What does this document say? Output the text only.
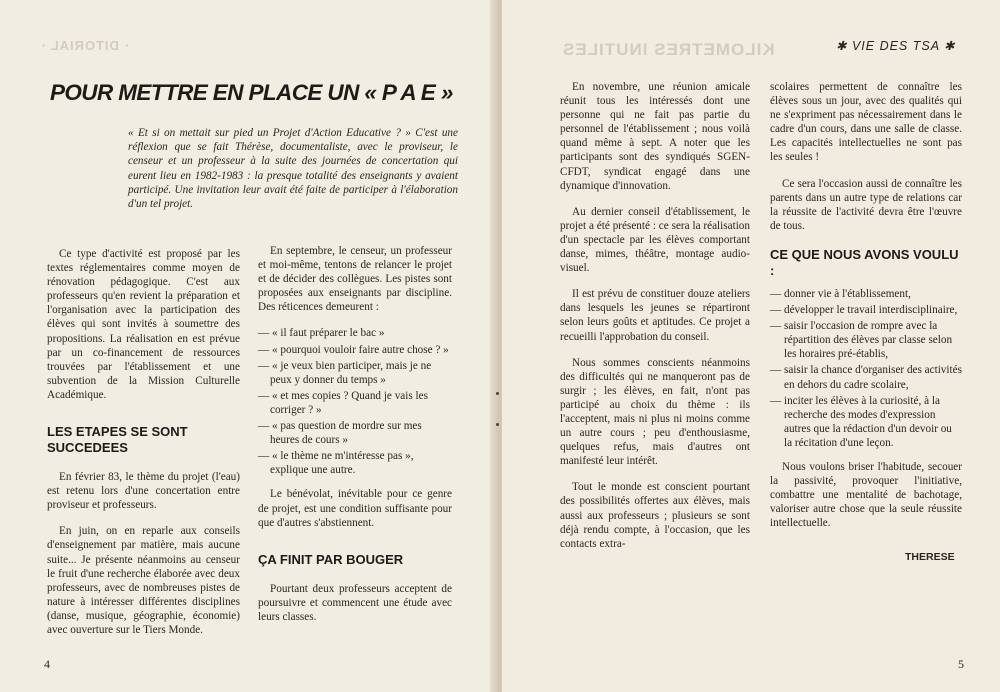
· DITORIAL ·
POUR METTRE EN PLACE UN « P A E »
« Et si on mettait sur pied un Projet d'Action Educative ? » C'est une réflexion que se fait Thérèse, documentaliste, avec le proviseur, le censeur et un professeur à la suite des journées de concertation qui eurent lieu en 1982-1983 : la presque totalité des enseignants y avaient participé. Une invitation leur avait été faite de participer à l'élaboration d'un tel projet.

Ce type d'activité est proposé par les textes réglementaires comme moyen de rénovation pédagogique. C'est aux professeurs qu'en revient la préparation et l'organisation avec la participation des élèves qui sont invités à soumettre des propositions. La réalisation en est prévue par un co-financement de ressources trouvées par l'établissement et une subvention de la Mission Culturelle Académique.

LES ETAPES SE SONT SUCCEDEES

En février 83, le thème du projet (l'eau) est retenu lors d'une concertation entre proviseur et professeurs.

En juin, on en reparle aux conseils d'enseignement par matière, mais aucune suite... Je présente néanmoins au censeur le fruit d'une recherche élaborée avec deux professeurs, avec de nombreuses pistes de nature à intéresser différentes disciplines (danse, musique, géographie, économie) avec ouverture sur le Tiers Monde.

En septembre, le censeur, un professeur et moi-même, tentons de relancer le projet et de décider des collègues. Les pistes sont proposées aux enseignants par discipline. Des réticences demeurent :

— « il faut préparer le bac »
— « pourquoi vouloir faire autre chose ? »
— « je veux bien participer, mais je ne peux y donner du temps »
— « et mes copies ? Quand je vais les corriger ? »
— « pas question de mordre sur mes heures de cours »
— « le thème ne m'intéresse pas », explique une autre.

Le bénévolat, inévitable pour ce genre de projet, est une condition suffisante pour que d'autres s'abstiennent.

ÇA FINIT PAR BOUGER

Pourtant deux professeurs acceptent de poursuivre et commencent une étude avec leurs classes.

4
KILOMETRES INUTILES	✱ VIE DES TSA ✱

En novembre, une réunion amicale réunit tous les intéressés dont une personne qui ne fait pas partie du personnel de l'établissement ; nous voilà quand même à sept. A noter que les participants sont des syndiqués SGEN-CFDT, syndicat engagé dans une dynamique d'innovation.

Au dernier conseil d'établissement, le projet a été présenté : ce sera la réalisation d'un spectacle par les élèves comportant danse, mimes, théâtre, montage audio-visuel.

Il est prévu de constituer douze ateliers dans lesquels les jeunes se répartiront selon leurs goûts et aptitudes. Ce projet a recueilli l'approbation du conseil.

Nous sommes conscients néanmoins des difficultés qui ne manqueront pas de surgir ; les élèves, en fait, n'ont pas participé au choix du thème : ils l'acceptent, mais ni plus ni moins comme un autre cours ; peu d'enthousiasme, quelques refus, mais d'autres ont manifesté leur intérêt.

Tout le monde est conscient pourtant des possibilités offertes aux élèves, mais aussi aux professeurs ; plusieurs se sont déjà rendu compte, à l'occasion, que les contacts extra-

scolaires permettent de connaître les élèves sous un jour, avec des qualités qui ne s'expriment pas nécessairement dans le cadre d'un cours, dans une salle de classe. Les capacités intellectuelles ne sont pas les seules !

Ce sera l'occasion aussi de connaître les parents dans un autre type de relations car la réussite de l'activité devra être l'œuvre de tous.

CE QUE NOUS AVONS VOULU :
— donner vie à l'établissement,
— développer le travail interdisciplinaire,
— saisir l'occasion de rompre avec la répartition des élèves par classe selon les horaires pré-établis,
— saisir la chance d'organiser des activités en dehors du cadre scolaire,
— inciter les élèves à la curiosité, à la recherche des modes d'expression autres que la rédaction d'un devoir ou la récitation d'une leçon.

Nous voulons briser l'habitude, secouer la passivité, provoquer l'initiative, combattre une mentalité de bachotage, valoriser autre chose que la seule réussite intellectuelle.

THERESE
5
